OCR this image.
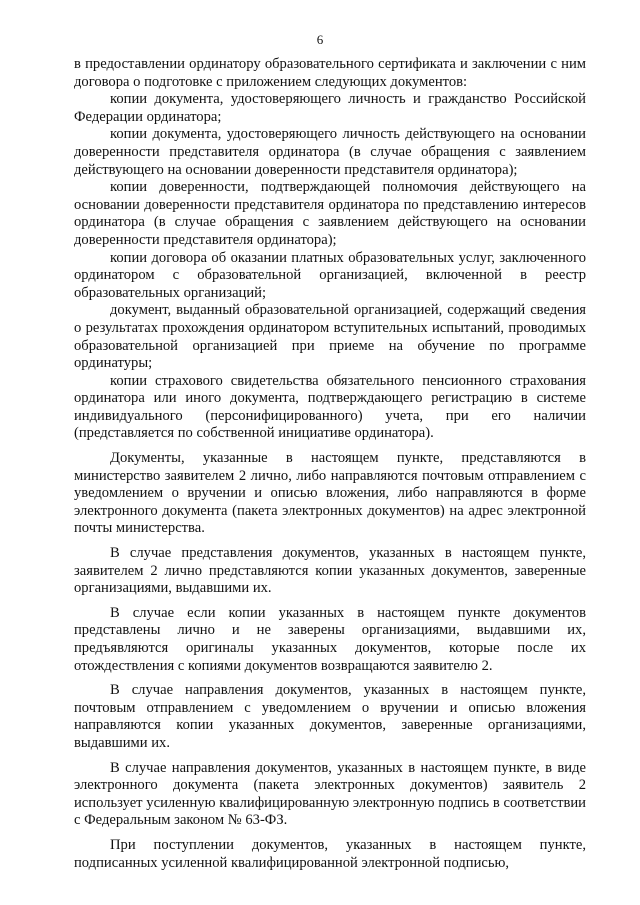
6

в предоставлении ординатору образовательного сертификата и заключении с ним договора о подготовке с приложением следующих документов:

копии документа, удостоверяющего личность и гражданство Российской Федерации ординатора;

копии документа, удостоверяющего личность действующего на основании доверенности представителя ординатора (в случае обращения с заявлением действующего на основании доверенности представителя ординатора);

копии доверенности, подтверждающей полномочия действующего на основании доверенности представителя ординатора по представлению интересов ординатора (в случае обращения с заявлением действующего на основании доверенности представителя ординатора);

копии договора об оказании платных образовательных услуг, заключенного ординатором с образовательной организацией, включенной в реестр образовательных организаций;

документ, выданный образовательной организацией, содержащий сведения о результатах прохождения ординатором вступительных испытаний, проводимых образовательной организацией при приеме на обучение по программе ординатуры;

копии страхового свидетельства обязательного пенсионного страхования ординатора или иного документа, подтверждающего регистрацию в системе индивидуального (персонифицированного) учета, при его наличии (представляется по собственной инициативе ординатора).

Документы, указанные в настоящем пункте, представляются в министерство заявителем 2 лично, либо направляются почтовым отправлением с уведомлением о вручении и описью вложения, либо направляются в форме электронного документа (пакета электронных документов) на адрес электронной почты министерства.

В случае представления документов, указанных в настоящем пункте, заявителем 2 лично представляются копии указанных документов, заверенные организациями, выдавшими их.

В случае если копии указанных в настоящем пункте документов представлены лично и не заверены организациями, выдавшими их, предъявляются оригиналы указанных документов, которые после их отождествления с копиями документов возвращаются заявителю 2.

В случае направления документов, указанных в настоящем пункте, почтовым отправлением с уведомлением о вручении и описью вложения направляются копии указанных документов, заверенные организациями, выдавшими их.

В случае направления документов, указанных в настоящем пункте, в виде электронного документа (пакета электронных документов) заявитель 2 использует усиленную квалифицированную электронную подпись в соответствии с Федеральным законом № 63-ФЗ.

При поступлении документов, указанных в настоящем пункте, подписанных усиленной квалифицированной электронной подписью,
